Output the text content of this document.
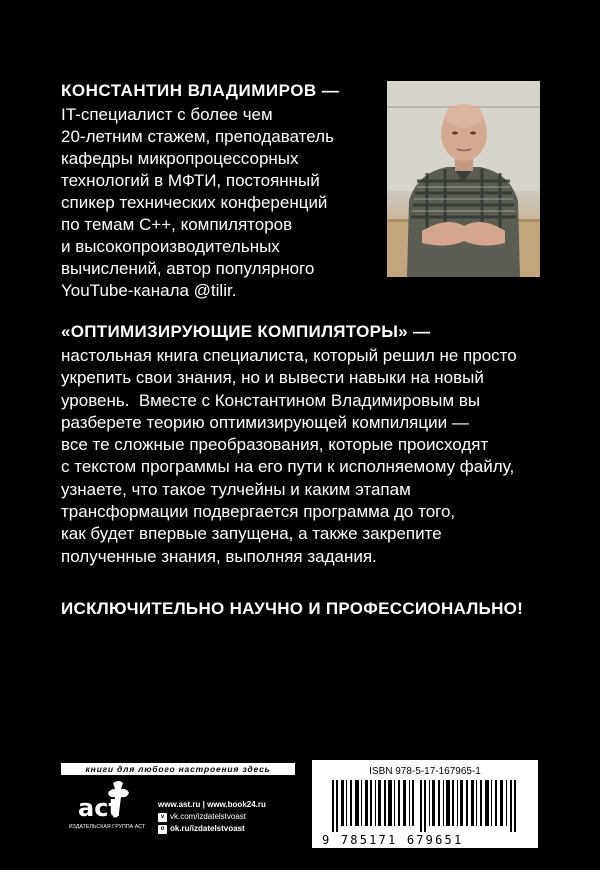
КОНСТАНТИН ВЛАДИМИРОВ —
IT-специалист с более чем
20-летним стажем, преподаватель
кафедры микропроцессорных
технологий в МФТИ, постоянный
спикер технических конференций
по темам C++, компиляторов
и высокопроизводительных
вычислений, автор популярного
YouTube-канала @tilir.
«ОПТИМИЗИРУЮЩИЕ КОМПИЛЯТОРЫ» —
настольная книга специалиста, который решил не просто
укрепить свои знания, но и вывести навыки на новый
уровень.  Вместе с Константином Владимировым вы
разберете теорию оптимизирующей компиляции —
все те сложные преобразования, которые происходят
с текстом программы на его пути к исполняемому файлу,
узнаете, что такое тулчейны и каким этапам
трансформации подвергается программа до того,
как будет впервые запущена, а также закрепите
полученные знания, выполняя задания.
ИСКЛЮЧИТЕЛЬНО НАУЧНО И ПРОФЕССИОНАЛЬНО!
книги для любого настроения здесь
act
ИЗДАТЕЛЬСКАЯ ГРУППА АСТ
www.ast.ru | www.book24.ru
v vk.com/izdatelstvoast
o ok.ru/izdatelstvoast
ISBN 978-5-17-167965-1
9 785171 679651
